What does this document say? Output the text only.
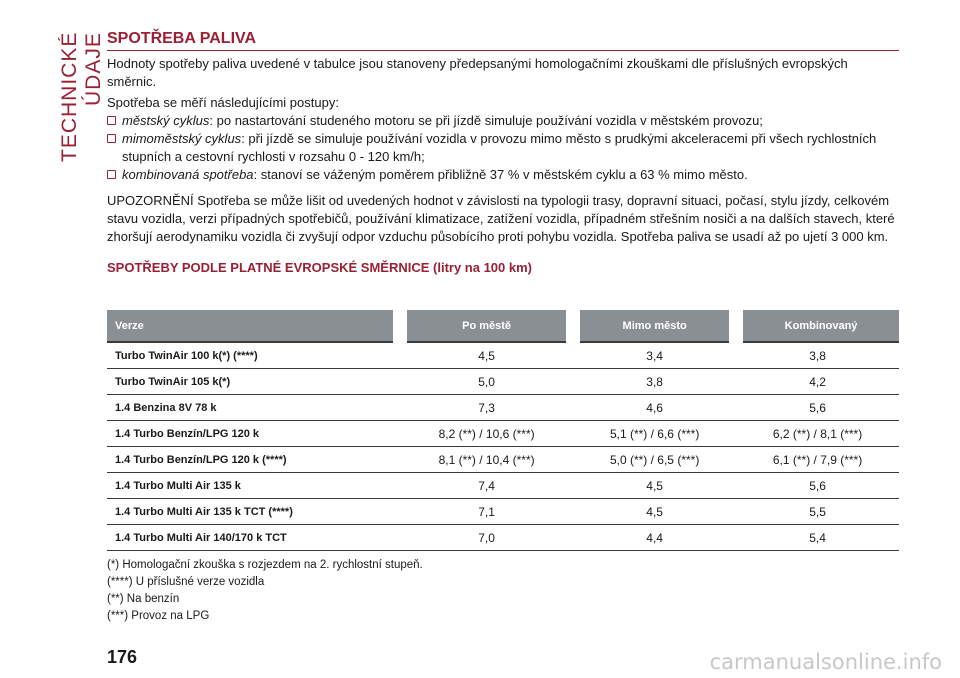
TECHNICKÉ ÚDAJE SPOTŘEBA PALIVA

Hodnoty spotřeby paliva uvedené v tabulce jsou stanoveny předepsanými homologačními zkouškami dle příslušných evropských směrnic.

Spotřeba se měří následujícími postupy:

městský cyklus: po nastartování studeného motoru se při jízdě simuluje používání vozidla v městském provozu;
mimoměstský cyklus: při jízdě se simuluje používání vozidla v provozu mimo město s prudkými akceleracemi při všech rychlostních stupních a cestovní rychlosti v rozsahu 0 - 120 km/h;
kombinovaná spotřeba: stanoví se váženým poměrem přibližně 37 % v městském cyklu a 63 % mimo město.

UPOZORNĚNÍ Spotřeba se může lišit od uvedených hodnot v závislosti na typologii trasy, dopravní situaci, počasí, stylu jízdy, celkovém stavu vozidla, verzi případných spotřebičů, používání klimatizace, zatížení vozidla, případném střešním nosiči a na dalších stavech, které zhoršují aerodynamiku vozidla či zvyšují odpor vzduchu působícího proti pohybu vozidla. Spotřeba paliva se usadí až po ujetí 3 000 km.

SPOTŘEBY PODLE PLATNÉ EVROPSKÉ SMĚRNICE (litry na 100 km)
Verze	Po městě	Mimo město	Kombinovaný
Turbo TwinAir 100 k(*) (****)	4,5	3,4	3,8
Turbo TwinAir 105 k(*)	5,0	3,8	4,2
1.4 Benzina 8V 78 k	7,3	4,6	5,6
1.4 Turbo Benzín/LPG 120 k	8,2 (**) / 10,6 (***)	5,1 (**) / 6,6 (***)	6,2 (**) / 8,1 (***)
1.4 Turbo Benzín/LPG 120 k (****)	8,1 (**) / 10,4 (***)	5,0 (**) / 6,5 (***)	6,1 (**) / 7,9 (***)
1.4 Turbo Multi Air 135 k	7,4	4,5	5,6
1.4 Turbo Multi Air 135 k TCT (****)	7,1	4,5	5,5
1.4 Turbo Multi Air 140/170 k TCT	7,0	4,4	5,4
(*) Homologační zkouška s rozjezdem na 2. rychlostní stupeň.
(****) U příslušné verze vozidla
(**) Na benzín
(***) Provoz na LPG
176	carmanualsonline.info
